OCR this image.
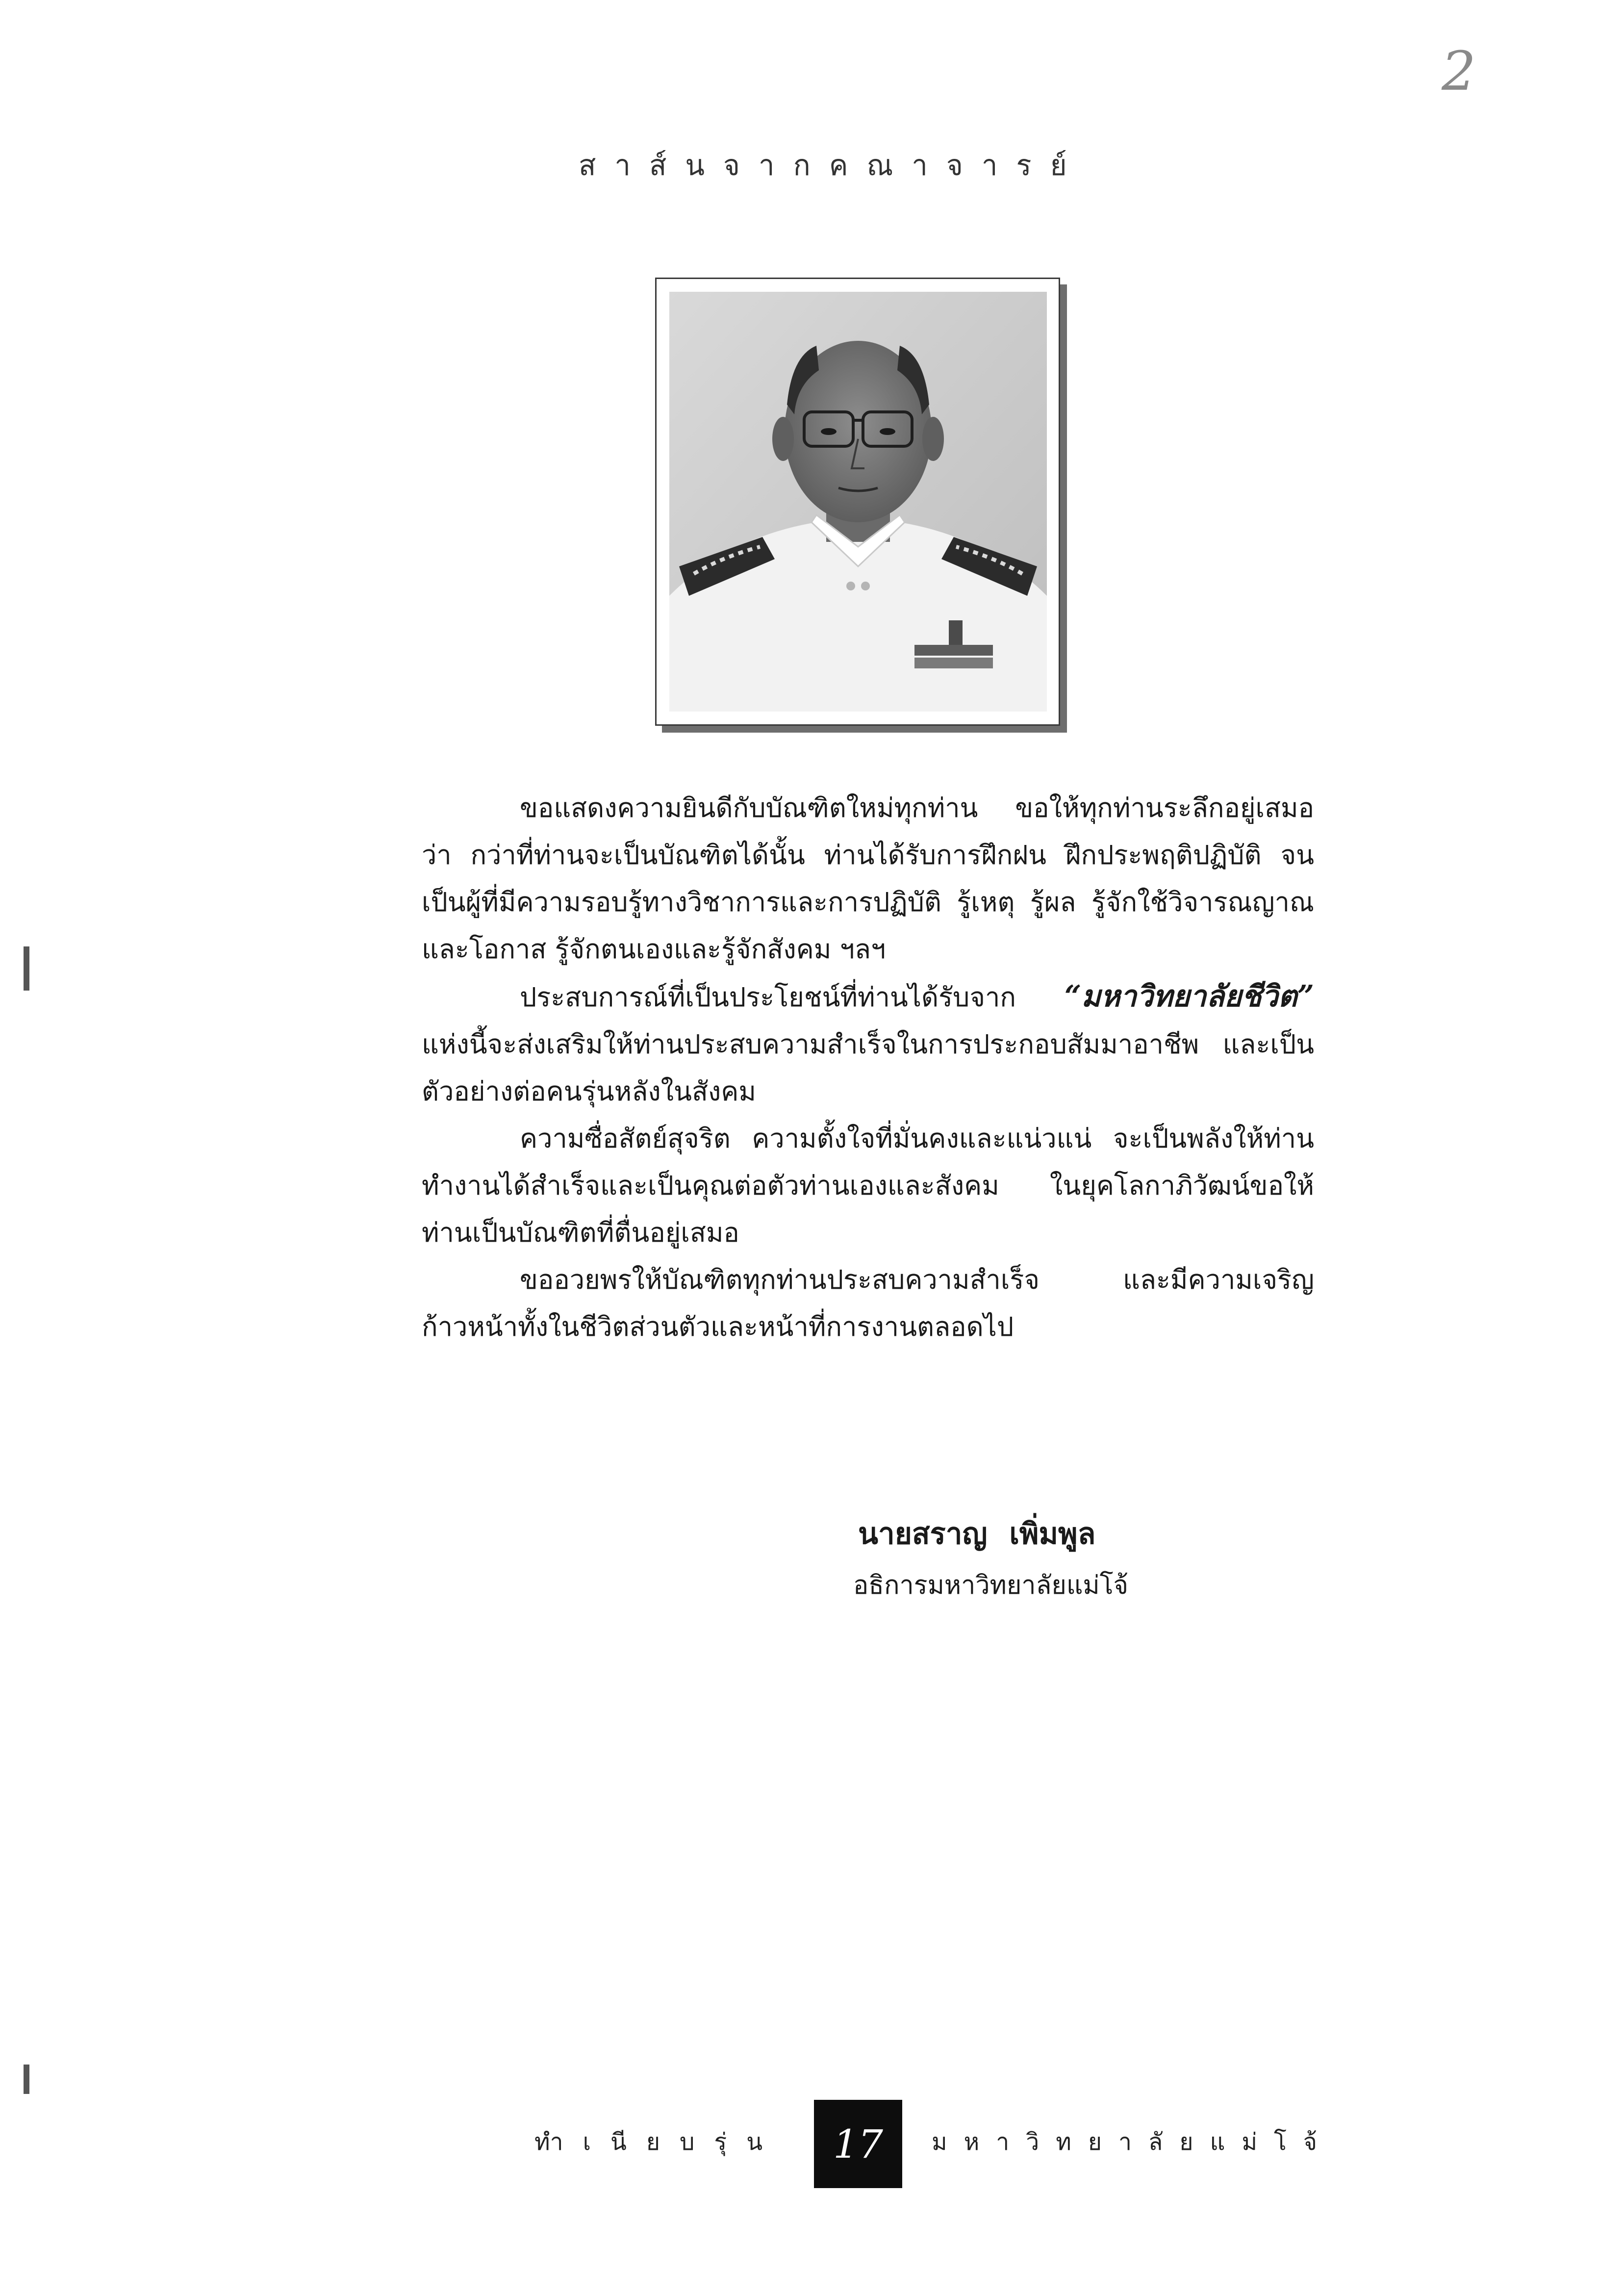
2
สาส์นจากคณาจารย์

ขอแสดงความยินดีกับบัณฑิตใหม่ทุกท่าน ขอให้ทุกท่านระลึกอยู่เสมอว่า กว่าที่ท่านจะเป็นบัณฑิตได้นั้น ท่านได้รับการฝึกฝน ฝึกประพฤติปฏิบัติ จนเป็นผู้ที่มีความรอบรู้ทางวิชาการและการปฏิบัติ รู้เหตุ รู้ผล รู้จักใช้วิจารณญาณและโอกาส รู้จักตนเองและรู้จักสังคม ฯลฯ

ประสบการณ์ที่เป็นประโยชน์ที่ท่านได้รับจาก “มหาวิทยาลัยชีวิต” แห่งนี้จะส่งเสริมให้ท่านประสบความสำเร็จในการประกอบสัมมาอาชีพ และเป็นตัวอย่างต่อคนรุ่นหลังในสังคม

ความซื่อสัตย์สุจริต ความตั้งใจที่มั่นคงและแน่วแน่ จะเป็นพลังให้ท่านทำงานได้สำเร็จและเป็นคุณต่อตัวท่านเองและสังคม ในยุคโลกาภิวัฒน์ขอให้ท่านเป็นบัณฑิตที่ตื่นอยู่เสมอ

ขออวยพรให้บัณฑิตทุกท่านประสบความสำเร็จ และมีความเจริญก้าวหน้าทั้งในชีวิตส่วนตัวและหน้าที่การงานตลอดไป

นายสราญ เพิ่มพูล
อธิการมหาวิทยาลัยแม่โจ้
ทำเนียบรุ่น	17	มหาวิทยาลัยแม่โจ้
